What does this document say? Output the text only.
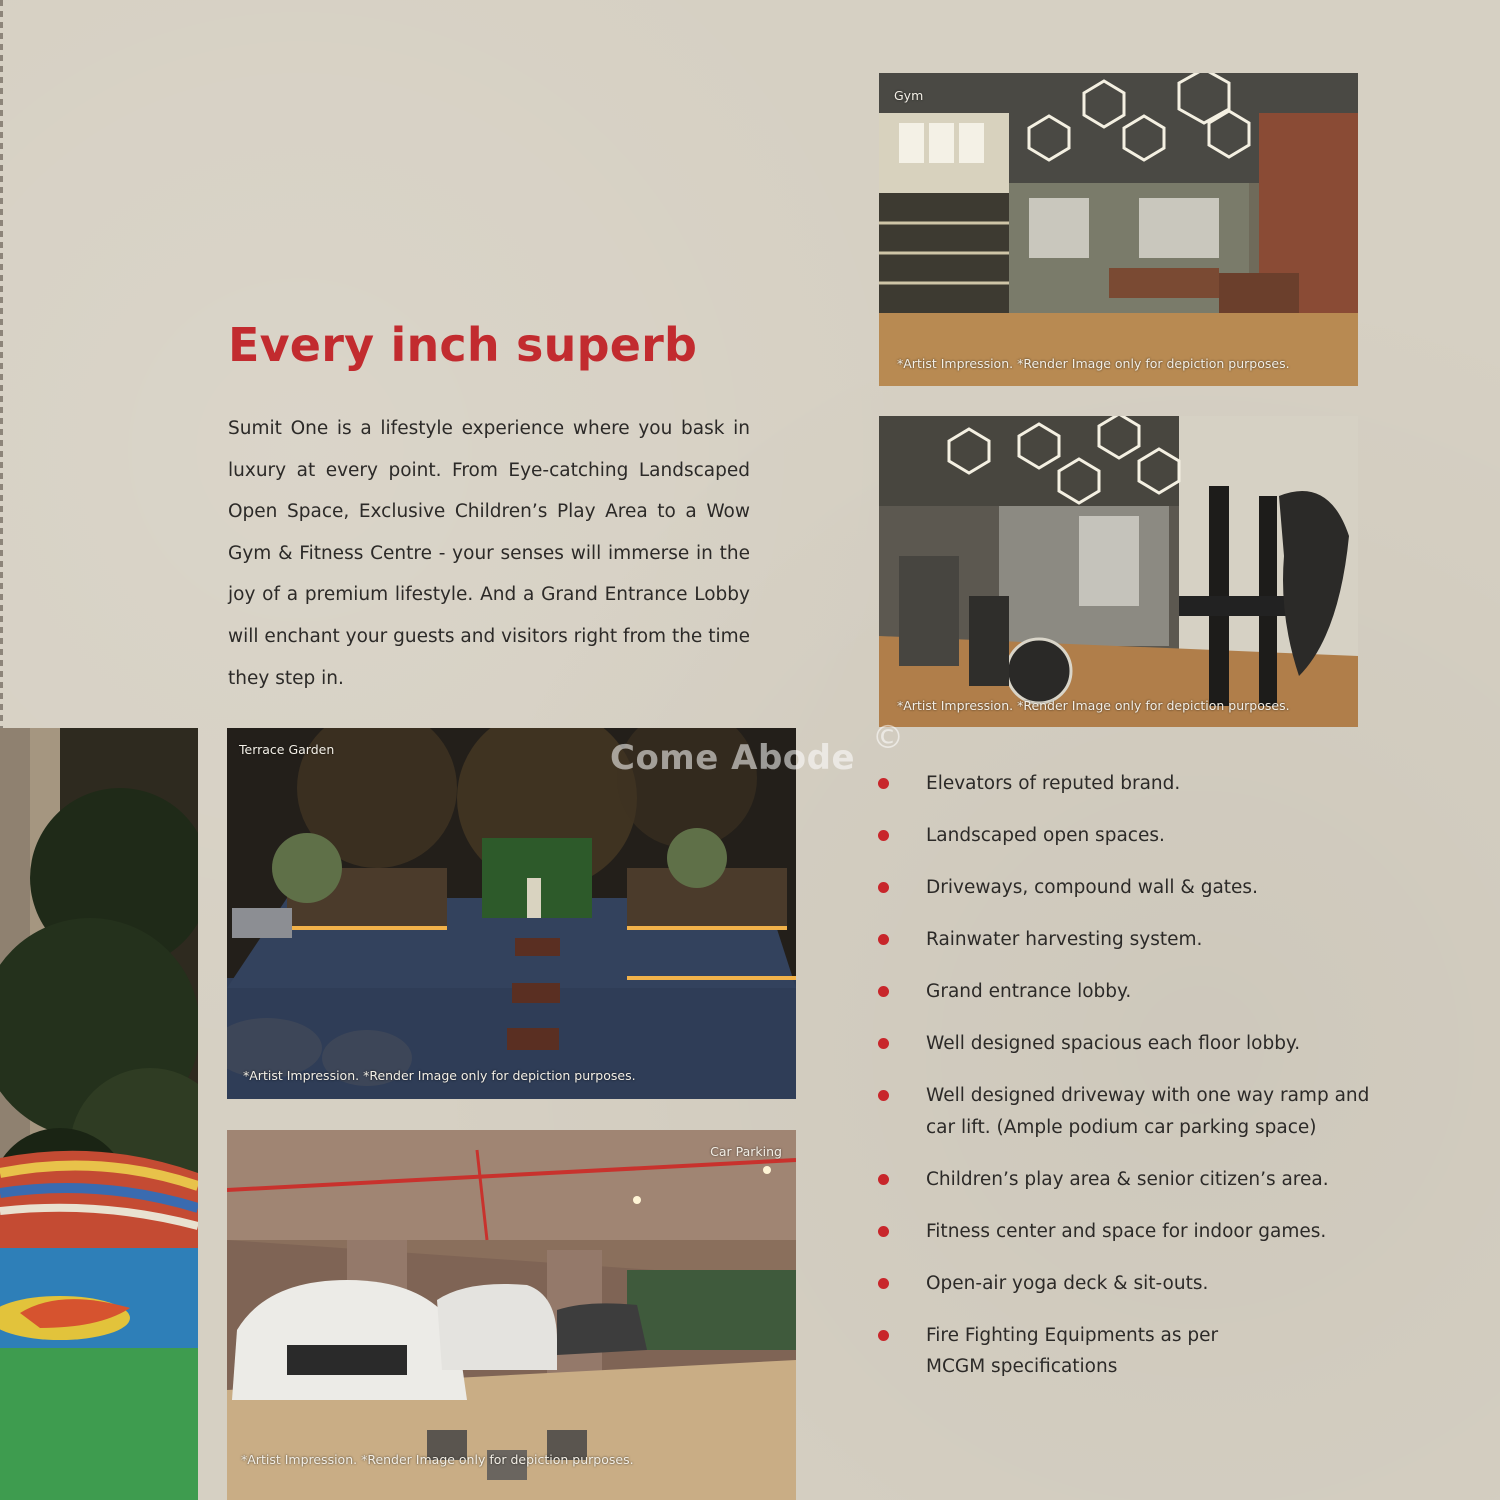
Every inch superb

Sumit One is a lifestyle experience where you bask in luxury at every point. From Eye-catching Landscaped Open Space, Exclusive Children’s Play Area to a Wow Gym & Fitness Centre - your senses will immerse in the joy of a premium lifestyle. And a Grand Entrance Lobby will enchant your guests and visitors right from the time they step in.

Gym
*Artist Impression. *Render Image only for depiction purposes.
*Artist Impression. *Render Image only for depiction purposes.
Terrace Garden
*Artist Impression. *Render Image only for depiction purposes.
Car Parking
*Artist Impression. *Render Image only for depiction purposes.
Come Abode
©
Elevators of reputed brand.
Landscaped open spaces.
Driveways, compound wall & gates.
Rainwater harvesting system.
Grand entrance lobby.
Well designed spacious each floor lobby.
Well designed driveway with one way ramp and car lift. (Ample podium car parking space)
Children’s play area & senior citizen’s area.
Fitness center and space for indoor games.
Open-air yoga deck & sit-outs.
Fire Fighting Equipments as per MCGM specifications
